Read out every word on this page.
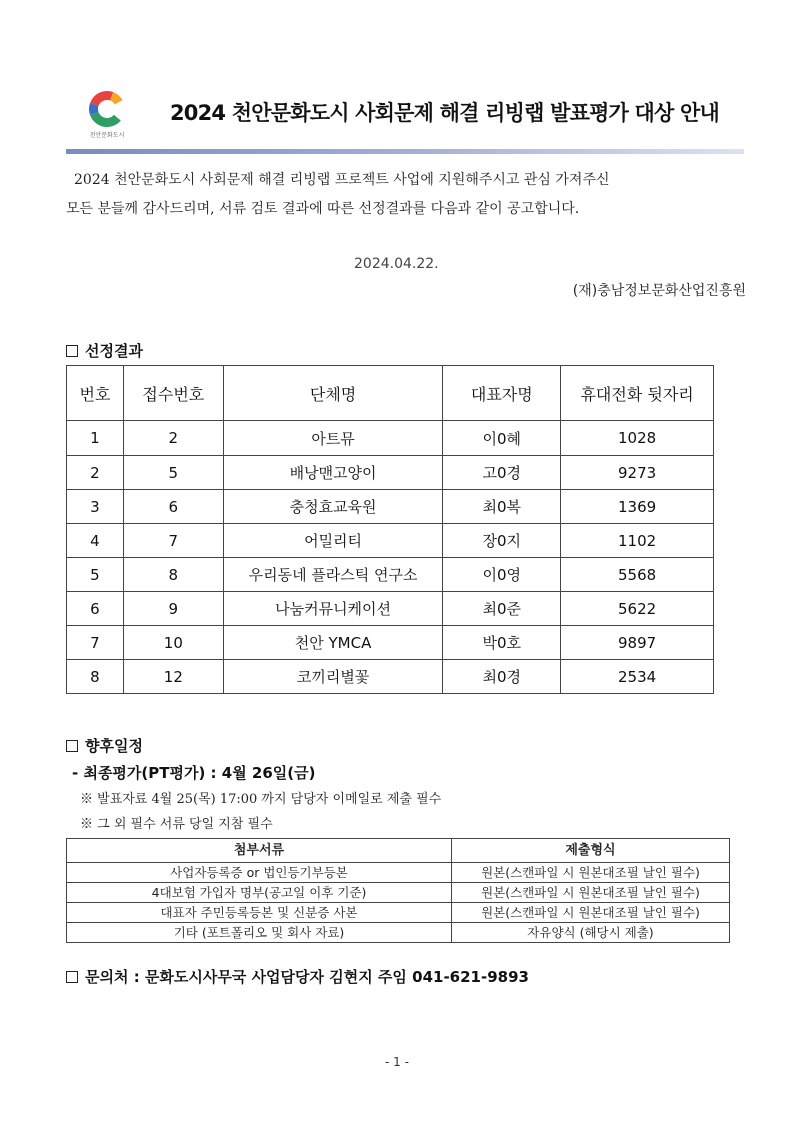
천안문화도시
2024 천안문화도시 사회문제 해결 리빙랩 발표평가 대상 안내

2024 천안문화도시 사회문제 해결 리빙랩 프로젝트 사업에 지원해주시고 관심 가져주신

모든 분들께 감사드리며, 서류 검토 결과에 따른 선정결과를 다음과 같이 공고합니다.

2024.04.22.
(재)충남정보문화산업진흥원
선정결과
번호	접수번호	단체명	대표자명	휴대전화 뒷자리
1	2	아트뮤	이0혜	1028
2	5	배낭맨고양이	고0경	9273
3	6	충청효교육원	최0복	1369
4	7	어밀리티	장0지	1102
5	8	우리동네 플라스틱 연구소	이0영	5568
6	9	나눔커뮤니케이션	최0준	5622
7	10	천안 YMCA	박0호	9897
8	12	코끼리별꽃	최0경	2534
향후일정
- 최종평가(PT평가) : 4월 26일(금)
※ 발표자료 4월 25(목) 17:00 까지 담당자 이메일로 제출 필수
※ 그 외 필수 서류 당일 지참 필수
첨부서류	제출형식
사업자등록증 or 법인등기부등본	원본(스캔파일 시 원본대조필 날인 필수)
4대보험 가입자 명부(공고일 이후 기준)	원본(스캔파일 시 원본대조필 날인 필수)
대표자 주민등록등본 및 신분증 사본	원본(스캔파일 시 원본대조필 날인 필수)
기타 (포트폴리오 및 회사 자료)	자유양식 (해당시 제출)
문의처 : 문화도시사무국 사업담당자 김현지 주임 041-621-9893
- 1 -
